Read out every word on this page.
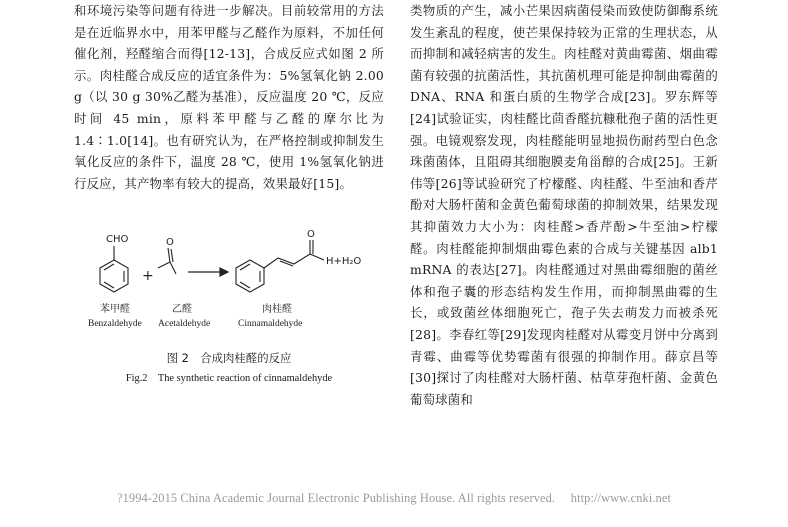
和环境污染等问题有待进一步解决。目前较常用的方法是在近临界水中，用苯甲醛与乙醛作为原料，不加任何催化剂，羟醛缩合而得[12-13]，合成反应式如图 2 所示。肉桂醛合成反应的适宜条件为：5%氢氧化钠 2.00 g（以 30 g 30%乙醛为基准），反应温度 20 ℃，反应时间 45 min，原料苯甲醛与乙醛的摩尔比为 1.4∶1.0[14]。也有研究认为，在严格控制或抑制发生氧化反应的条件下，温度 28 ℃，使用 1%氢氧化钠进行反应，其产物率有较大的提高，效果最好[15]。

CHO
+
O
O
H+H₂O
苯甲醛
Benzaldehyde
乙醛
Acetaldehyde
肉桂醛
Cinnamaldehyde
图 2　合成肉桂醛的反应
Fig.2　The synthetic reaction of cinnamaldehyde

类物质的产生，减小芒果因病菌侵染而致使防御酶系统发生紊乱的程度，使芒果保持较为正常的生理状态，从而抑制和减轻病害的发生。肉桂醛对黄曲霉菌、烟曲霉菌有较强的抗菌活性，其抗菌机理可能是抑制曲霉菌的 DNA、RNA 和蛋白质的生物学合成[23]。罗东辉等[24]试验证实，肉桂醛比茴香醛抗糠秕孢子菌的活性更强。电镜观察发现，肉桂醛能明显地损伤耐药型白色念珠菌菌体，且阻碍其细胞膜麦角甾醇的合成[25]。王新伟等[26]等试验研究了柠檬醛、肉桂醛、牛至油和香芹酚对大肠杆菌和金黄色葡萄球菌的抑制效果，结果发现其抑菌效力大小为：肉桂醛>香芹酚>牛至油>柠檬醛。肉桂醛能抑制烟曲霉色素的合成与关键基因 alb1 mRNA 的表达[27]。肉桂醛通过对黑曲霉细胞的菌丝体和孢子囊的形态结构发生作用，而抑制黑曲霉的生长，或致菌丝体细胞死亡，孢子失去萌发力而被杀死[28]。李春红等[29]发现肉桂醛对从霉变月饼中分离到青霉、曲霉等优势霉菌有很强的抑制作用。薛京昌等[30]探讨了肉桂醛对大肠杆菌、枯草芽孢杆菌、金黄色葡萄球菌和

?1994-2015 China Academic Journal Electronic Publishing House. All rights reserved.　 http://www.cnki.net
